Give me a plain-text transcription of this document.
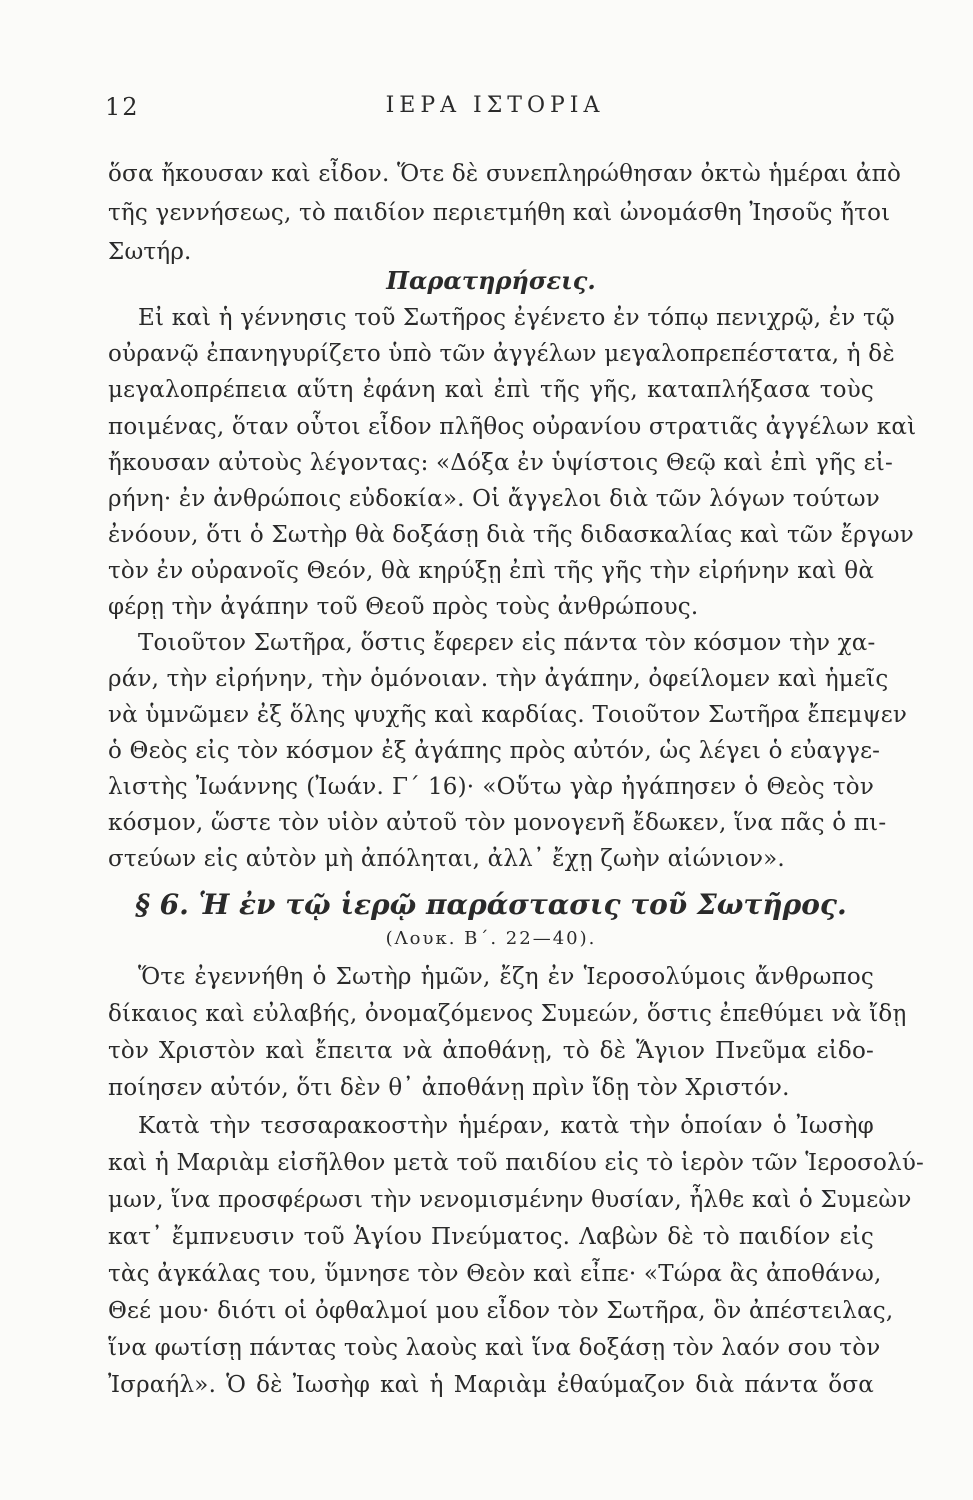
12	ΙΕΡΑ ΙΣΤΟΡΙΑ
ὅσα ἤκουσαν καὶ εἶδον. Ὅτε δὲ συνεπληρώθησαν ὀκτὼ ἡμέραι ἀπὸ
τῆς γεννήσεως, τὸ παιδίον περιετμήθη καὶ ὠνομάσθη Ἰησοῦς ἤτοι
Σωτήρ.
Παρατηρήσεις.
Εἰ καὶ ἡ γέννησις τοῦ Σωτῆρος ἐγένετο ἐν τόπῳ πενιχρῷ, ἐν τῷ
οὐρανῷ ἐπανηγυρίζετο ὑπὸ τῶν ἀγγέλων μεγαλοπρεπέστατα, ἡ δὲ
μεγαλοπρέπεια αὕτη ἐφάνη καὶ ἐπὶ τῆς γῆς, καταπλήξασα τοὺς
ποιμένας, ὅταν οὗτοι εἶδον πλῆθος οὐρανίου στρατιᾶς ἀγγέλων καὶ
ἤκουσαν αὐτοὺς λέγοντας: «Δόξα ἐν ὑψίστοις Θεῷ καὶ ἐπὶ γῆς εἰ-
ρήνη· ἐν ἀνθρώποις εὐδοκία». Οἱ ἄγγελοι διὰ τῶν λόγων τούτων
ἐνόουν, ὅτι ὁ Σωτὴρ θὰ δοξάσῃ διὰ τῆς διδασκαλίας καὶ τῶν ἔργων
τὸν ἐν οὐρανοῖς Θεόν, θὰ κηρύξῃ ἐπὶ τῆς γῆς τὴν εἰρήνην καὶ θὰ
φέρῃ τὴν ἀγάπην τοῦ Θεοῦ πρὸς τοὺς ἀνθρώπους.
Τοιοῦτον Σωτῆρα, ὅστις ἔφερεν εἰς πάντα τὸν κόσμον τὴν χα-
ράν, τὴν εἰρήνην, τὴν ὁμόνοιαν. τὴν ἀγάπην, ὀφείλομεν καὶ ἡμεῖς
νὰ ὑμνῶμεν ἐξ ὅλης ψυχῆς καὶ καρδίας. Τοιοῦτον Σωτῆρα ἔπεμψεν
ὁ Θεὸς εἰς τὸν κόσμον ἐξ ἀγάπης πρὸς αὐτόν, ὡς λέγει ὁ εὐαγγε-
λιστὴς Ἰωάννης (Ἰωάν. Γ΄ 16)· «Οὕτω γὰρ ἠγάπησεν ὁ Θεὸς τὸν
κόσμον, ὥστε τὸν υἱὸν αὐτοῦ τὸν μονογενῆ ἔδωκεν, ἵνα πᾶς ὁ πι-
στεύων εἰς αὐτὸν μὴ ἀπόληται, ἀλλ᾽ ἔχῃ ζωὴν αἰώνιον».
§ 6. Ἡ ἐν τῷ ἱερῷ παράστασις τοῦ Σωτῆρος.
(Λουκ. Β΄. 22—40).
Ὅτε ἐγεννήθη ὁ Σωτὴρ ἡμῶν, ἔζη ἐν Ἱεροσολύμοις ἄνθρωπος
δίκαιος καὶ εὐλαβής, ὀνομαζόμενος Συμεών, ὅστις ἐπεθύμει νὰ ἴδῃ
τὸν Χριστὸν καὶ ἔπειτα νὰ ἀποθάνῃ, τὸ δὲ Ἅγιον Πνεῦμα εἰδο-
ποίησεν αὐτόν, ὅτι δὲν θ᾽ ἀποθάνῃ πρὶν ἴδῃ τὸν Χριστόν.
Κατὰ τὴν τεσσαρακοστὴν ἡμέραν, κατὰ τὴν ὁποίαν ὁ Ἰωσὴφ
καὶ ἡ Μαριὰμ εἰσῆλθον μετὰ τοῦ παιδίου εἰς τὸ ἱερὸν τῶν Ἱεροσολύ-
μων, ἵνα προσφέρωσι τὴν νενομισμένην θυσίαν, ἦλθε καὶ ὁ Συμεὼν
κατ᾽ ἔμπνευσιν τοῦ Ἁγίου Πνεύματος. Λαβὼν δὲ τὸ παιδίον εἰς
τὰς ἀγκάλας του, ὕμνησε τὸν Θεὸν καὶ εἶπε· «Τώρα ἂς ἀποθάνω,
Θεέ μου· διότι οἱ ὀφθαλμοί μου εἶδον τὸν Σωτῆρα, ὃν ἀπέστειλας,
ἵνα φωτίσῃ πάντας τοὺς λαοὺς καὶ ἵνα δοξάσῃ τὸν λαόν σου τὸν
Ἰσραήλ». Ὁ δὲ Ἰωσὴφ καὶ ἡ Μαριὰμ ἐθαύμαζον διὰ πάντα ὅσα
